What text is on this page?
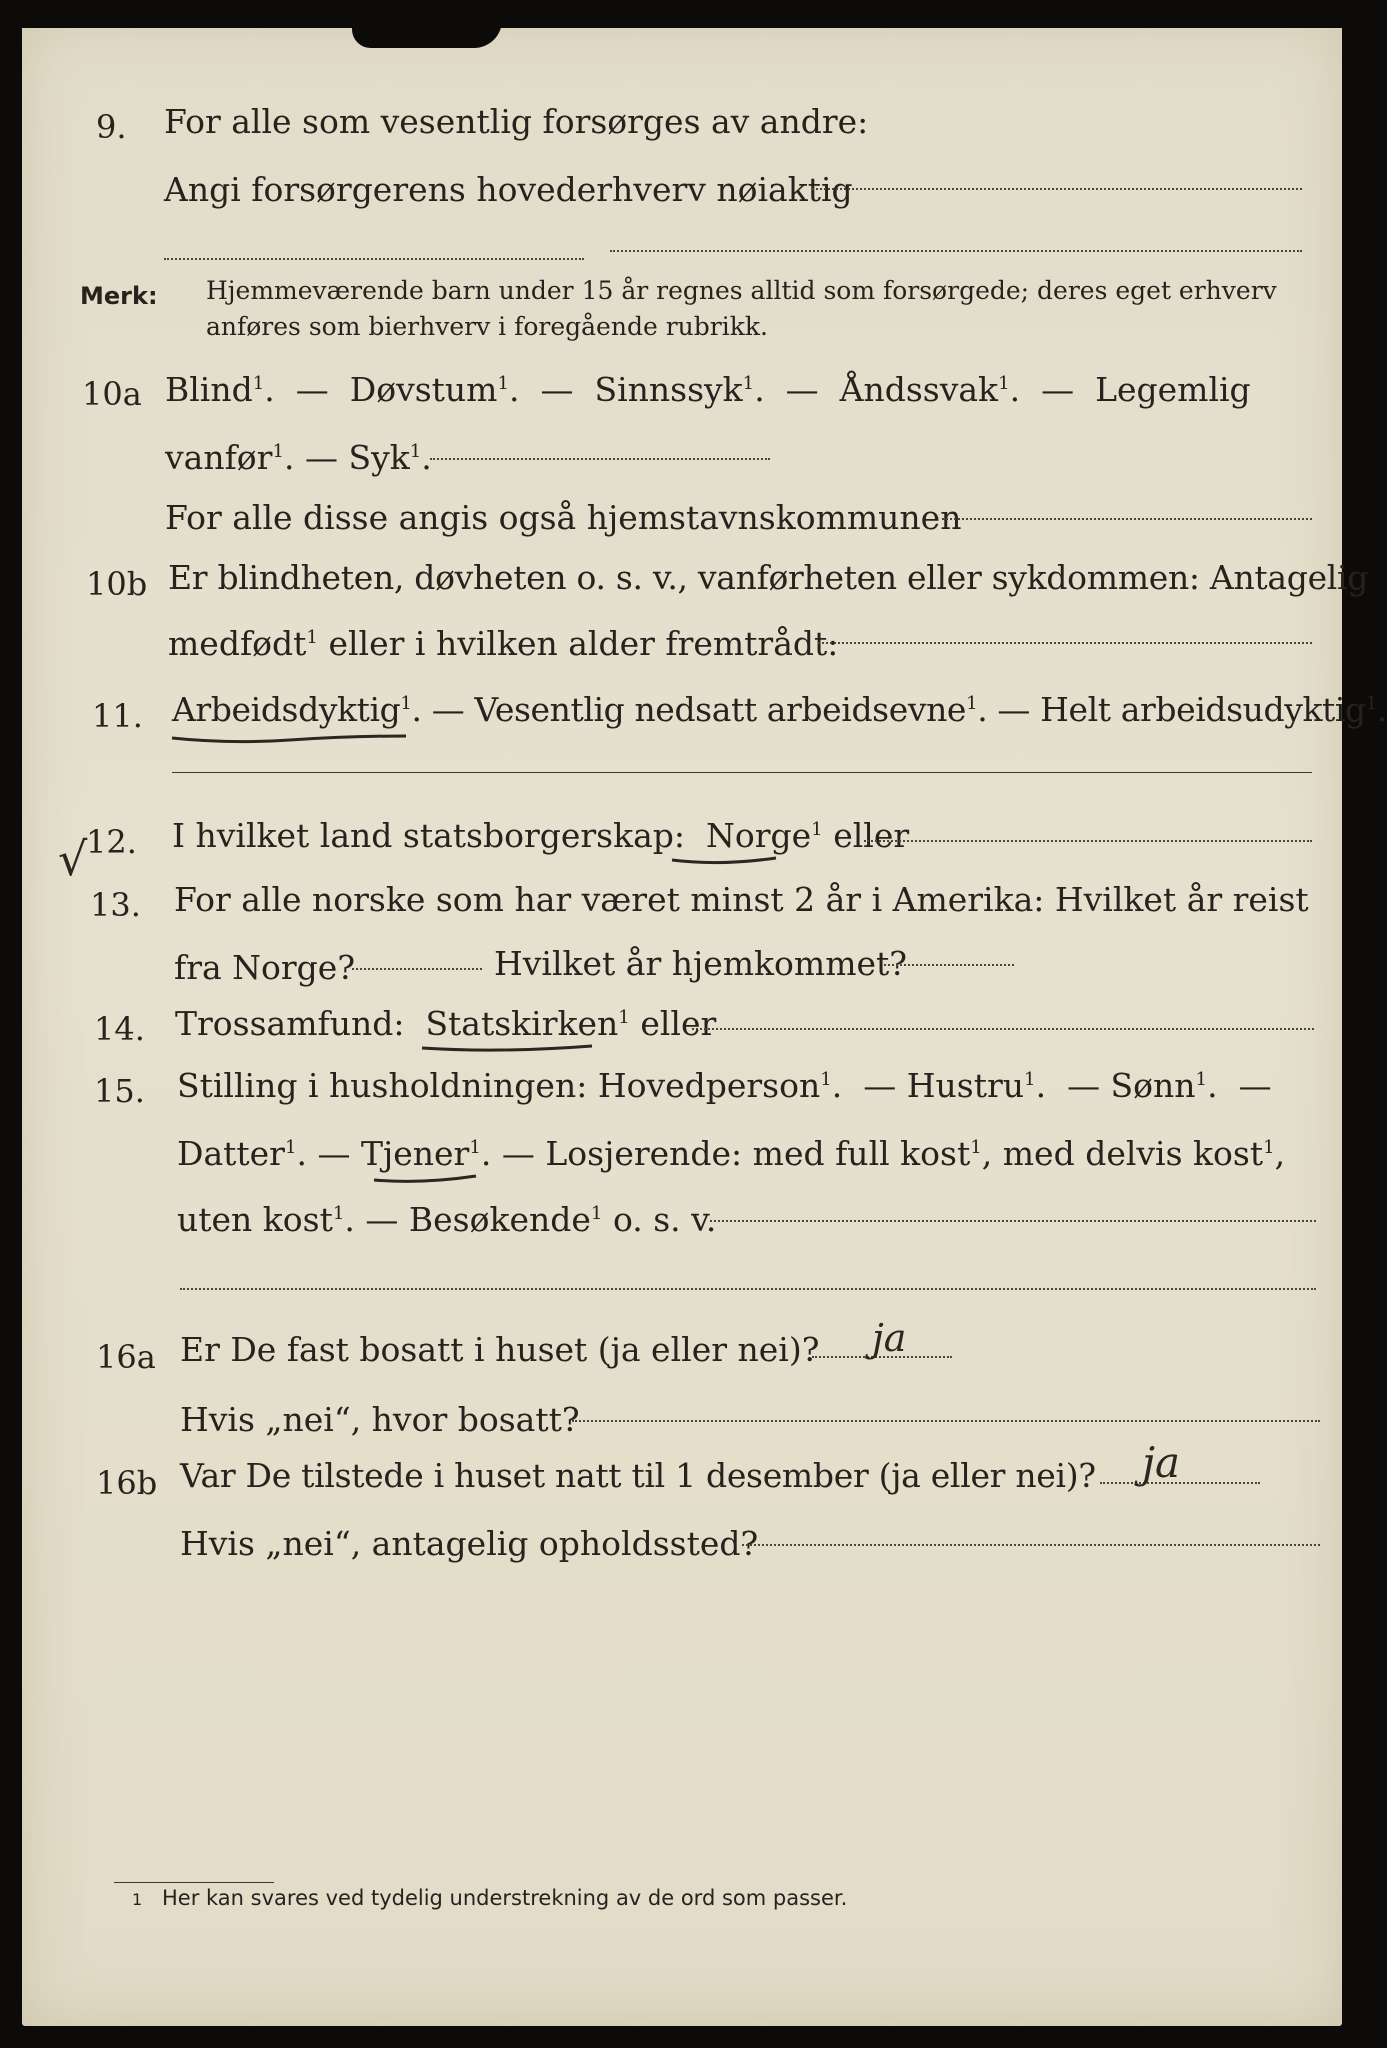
9. For alle som vesentlig forsørges av andre:
Angi forsørgerens hovederhverv nøiaktig
Merk: Hjemmeværende barn under 15 år regnes alltid som forsørgede; deres eget erhverv
anføres som bierhverv i foregående rubrikk.
10a Blind$^1$.  —  Døvstum$^1$.  —  Sinnssyk$^1$.  —  Åndssvak$^1$.  —  Legemlig
vanfør$^1$. — Syk$^1$.
For alle disse angis også hjemstavnskommunen
10b Er blindheten, døvheten o. s. v., vanførheten eller sykdommen: Antagelig
medfødt$^1$ eller i hvilken alder fremtrådt:
11. Arbeidsdyktig$^1$. — Vesentlig nedsatt arbeidsevne$^1$. — Helt arbeidsudyktig$^1$.
√
12. I hvilket land statsborgerskap: Norge$^1$ eller
13. For alle norske som har været minst 2 år i Amerika: Hvilket år reist
fra Norge?	Hvilket år hjemkommet?
14. Trossamfund: Statskirken$^1$ eller
15. Stilling i husholdningen: Hovedperson$^1$.  — Hustru$^1$.  — Sønn$^1$.  —
Datter$^1$. — Tjener$^1$. — Losjerende: med full kost$^1$, med delvis kost$^1$,
uten kost$^1$. — Besøkende$^1$ o. s. v.
16a Er De fast bosatt i huset (ja eller nei)? ja
Hvis „nei“, hvor bosatt?
16b Var De tilstede i huset natt til 1 desember (ja eller nei)? ja
Hvis „nei“, antagelig opholdssted?
1 Her kan svares ved tydelig understrekning av de ord som passer.
